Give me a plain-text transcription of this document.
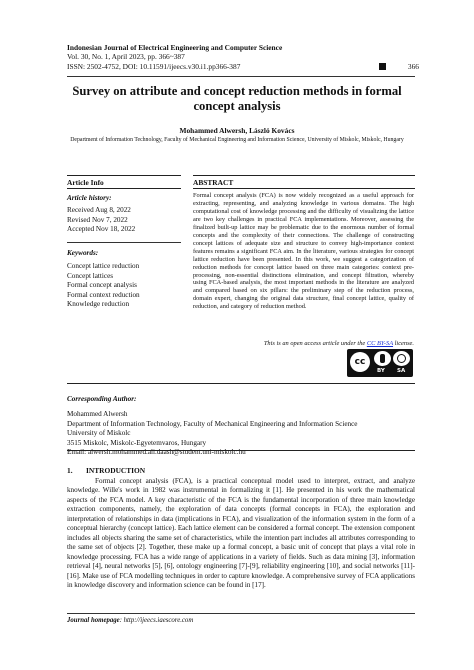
Indonesian Journal of Electrical Engineering and Computer Science
Vol. 30, No. 1, April 2023, pp. 366~387
ISSN: 2502-4752, DOI: 10.11591/ijeecs.v30.i1.pp366-387	366
Survey on attribute and concept reduction methods in formal concept analysis
Mohammed Alwersh, László Kovács
Department of Information Technology, Faculty of Mechanical Engineering and Information Science, University of Miskolc, Miskolc, Hungary
Article Info
Article history:
Received Aug 8, 2022
Revised Nov 7, 2022
Accepted Nov 18, 2022
Keywords:
Concept lattice reduction
Concept lattices
Formal concept analysis
Formal context reduction
Knowledge reduction
ABSTRACT
Formal concept analysis (FCA) is now widely recognized as a useful approach for extracting, representing, and analyzing knowledge in various domains. The high computational cost of knowledge processing and the difficulty of visualizing the lattice are two key challenges in practical FCA implementations. Moreover, assessing the finalized built-up lattice may be problematic due to the enormous number of formal concepts and the complexity of their connections. The challenge of constructing concept lattices of adequate size and structure to convey high-importance context features remains a significant FCA aim. In the literature, various strategies for concept lattice reduction have been presented. In this work, we suggest a categorization of reduction methods for concept lattice based on three main categories: context pre-processing, non-essential distinctions elimination, and concept filtration, whereby using FCA-based analysis, the most important methods in the literature are analyzed and compared based on six pillars: the preliminary step of the reduction process, domain expert, changing the original data structure, final concept lattice, quality of reduction, and category of reduction method.
This is an open access article under the CC BY-SA license.
cc
BY SA
Corresponding Author:
Mohammed Alwersh
Department of Information Technology, Faculty of Mechanical Engineering and Information Science
University of Miskolc
3515 Miskolc, Miskolc-Egyetemvaros, Hungary
Email: alwersh.mohammed.ali.daash@student.uni-miskolc.hu
1. INTRODUCTION
Formal concept analysis (FCA), is a practical conceptual model used to interpret, extract, and analyze knowledge. Wille's work in 1982 was instrumental in formalizing it [1]. He presented in his work the mathematical aspects of the FCA model. A key characteristic of the FCA is the fundamental incorporation of three main knowledge extraction components, namely, the exploration of data concepts (formal concepts in FCA), the exploration and interpretation of relationships in data (implications in FCA), and visualization of the information system in the form of a conceptual hierarchy (concept lattice). Each lattice element can be considered a formal concept. The extension component includes all objects sharing the same set of characteristics, while the intention part includes all attributes corresponding to the same set of objects [2]. Together, these make up a formal concept, a basic unit of concept that plays a vital role in knowledge processing. FCA has a wide range of applications in a variety of fields. Such as data mining [3], information retrieval [4], neural networks [5], [6], ontology engineering [7]-[9], reliability engineering [10], and social networks [11]-[16]. Make use of FCA modelling techniques in order to capture knowledge. A comprehensive survey of FCA applications in knowledge discovery and information science can be found in [17].
Journal homepage: http://ijeecs.iaescore.com
